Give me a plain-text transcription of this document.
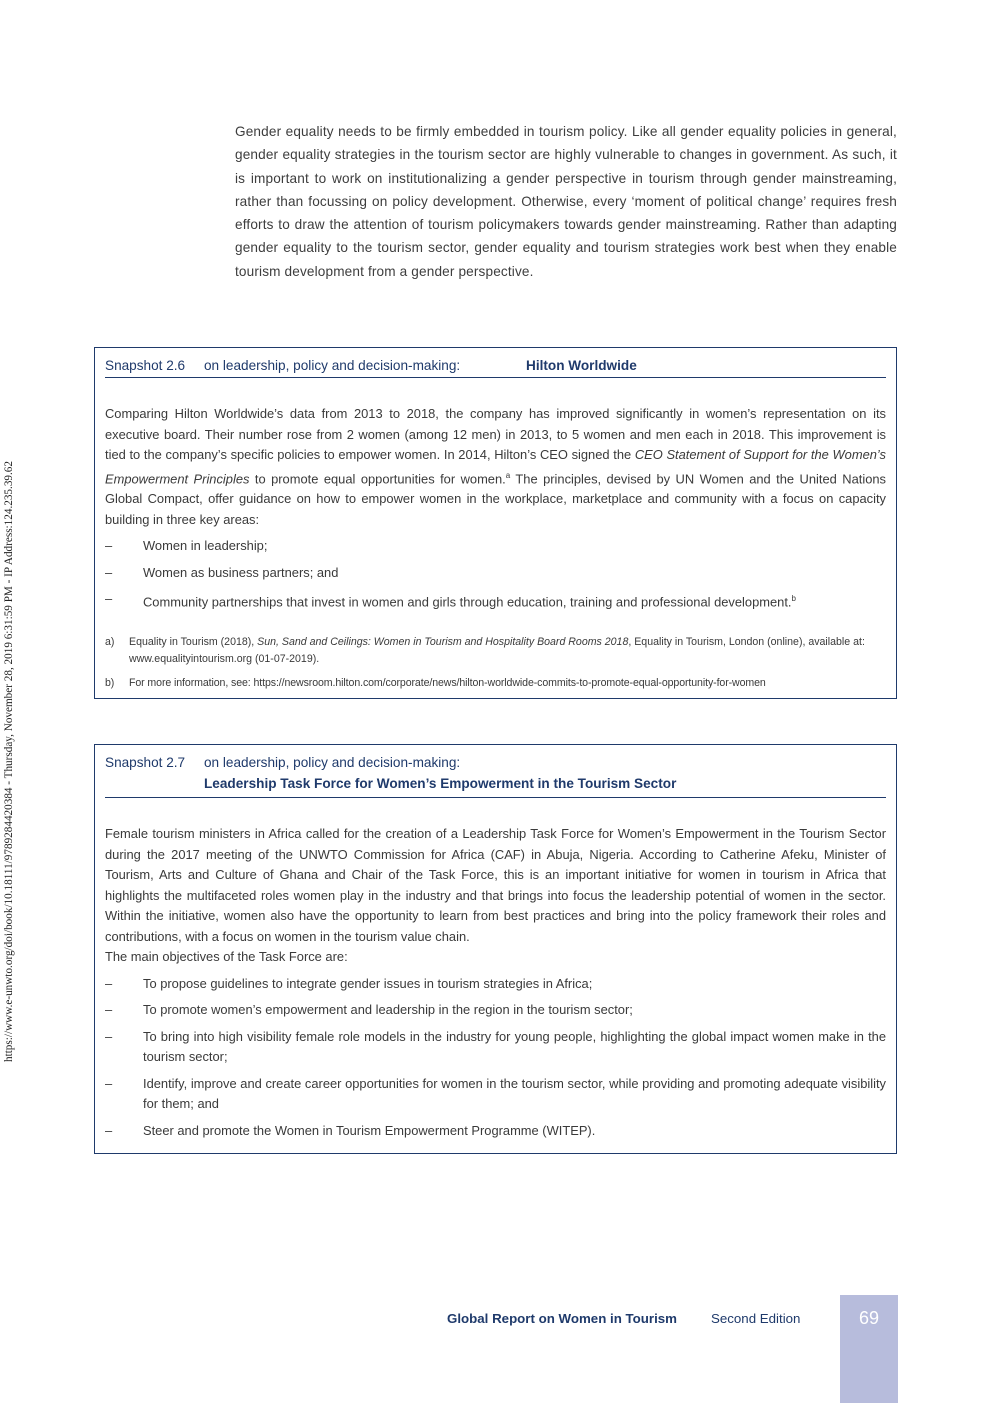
https://www.e-unwto.org/doi/book/10.18111/9789284420384 - Thursday, November 28, 2019 6:31:59 PM - IP Address:124.235.39.62

Gender equality needs to be firmly embedded in tourism policy. Like all gender equality policies in general, gender equality strategies in the tourism sector are highly vulnerable to changes in government. As such, it is important to work on institutionalizing a gender perspective in tourism through gender mainstreaming, rather than focussing on policy development. Otherwise, every ‘moment of political change’ requires fresh efforts to draw the attention of tourism policymakers towards gender mainstreaming. Rather than adapting gender equality to the tourism sector, gender equality and tourism strategies work best when they enable tourism development from a gender perspective.

Snapshot 2.6 on leadership, policy and decision-making:	Hilton Worldwide

Comparing Hilton Worldwide’s data from 2013 to 2018, the company has improved significantly in women’s representation on its executive board. Their number rose from 2 women (among 12 men) in 2013, to 5 women and men each in 2018. This improvement is tied to the company’s specific policies to empower women. In 2014, Hilton’s CEO signed the CEO Statement of Support for the Women’s Empowerment Principles to promote equal opportunities for women.$^a$ The principles, devised by UN Women and the United Nations Global Compact, offer guidance on how to empower women in the workplace, marketplace and community with a focus on capacity building in three key areas:

– Women in leadership;
– Women as business partners; and
– Community partnerships that invest in women and girls through education, training and professional development.$^b$
a) Equality in Tourism (2018), Sun, Sand and Ceilings: Women in Tourism and Hospitality Board Rooms 2018, Equality in Tourism, London (online), available at: www.equalityintourism.org (01-07-2019).
b) For more information, see: https://newsroom.hilton.com/corporate/news/hilton-worldwide-commits-to-promote-equal-opportunity-for-women
Snapshot 2.7 on leadership, policy and decision-making:
Leadership Task Force for Women’s Empowerment in the Tourism Sector

Female tourism ministers in Africa called for the creation of a Leadership Task Force for Women’s Empowerment in the Tourism Sector during the 2017 meeting of the UNWTO Commission for Africa (CAF) in Abuja, Nigeria. According to Catherine Afeku, Minister of Tourism, Arts and Culture of Ghana and Chair of the Task Force, this is an important initiative for women in tourism in Africa that highlights the multifaceted roles women play in the industry and that brings into focus the leadership potential of women in the sector. Within the initiative, women also have the opportunity to learn from best practices and bring into the policy framework their roles and contributions, with a focus on women in the tourism value chain.

The main objectives of the Task Force are:

– To propose guidelines to integrate gender issues in tourism strategies in Africa;
– To promote women’s empowerment and leadership in the region in the tourism sector;
– To bring into high visibility female role models in the industry for young people, highlighting the global impact women make in the tourism sector;
– Identify, improve and create career opportunities for women in the tourism sector, while providing and promoting adequate visibility for them; and
– Steer and promote the Women in Tourism Empowerment Programme (WITEP).
Global Report on Women in Tourism	Second Edition	69
